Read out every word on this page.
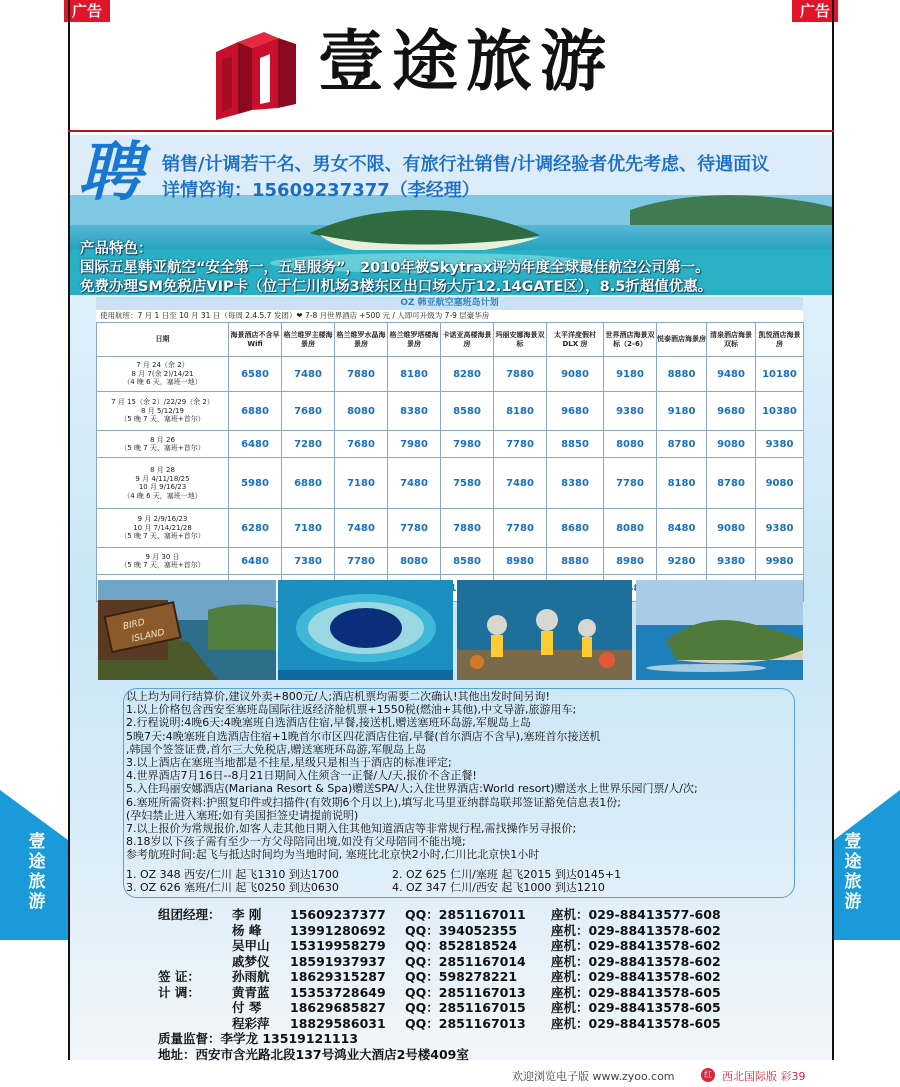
广告	广告
壹途旅游
聘 销售/计调若干名、男女不限、有旅行社销售/计调经验者优先考虑、待遇面议
详情咨询：15609237377（李经理）
产品特色：
国际五星韩亚航空“安全第一，五星服务”，2010年被Skytrax评为年度全球最佳航空公司第一。
免费办理SM免税店VIP卡（位于仁川机场3楼东区出口场大厅12.14GATE区），8.5折超值优惠。
OZ 韩亚航空塞班岛计划
使用航班：7 月 1 日至 10 月 31 日（每周 2.4.5.7 发团）❤ 7-8 月世界酒店 +500 元 / 人即可升级为 7-9 层豪华房
日期	海景酒店不含早Wifi	格兰维罗主楼海景房	格兰维罗水晶海景房	格兰维罗塔楼海景房	卡诺亚高楼海景房	玛丽安娜海景双标	太平洋度假村DLX 房	世界酒店海景双标（2-6）	悦泰酒店海景房	清泉酒店海景双标	凯悦酒店海景房

7 月 24（余 2）
8 月 7(余 2)/14/21
（4 晚 6 天，塞班一地）	6580	7480	7880	8180	8280	7880	9080	9180	8880	9480	10180

7 月 15（余 2）/22/29（余 2）
8 月 5/12/19
（5 晚 7 天，塞班+首尔）	6880	7680	8080	8380	8580	8180	9680	9380	9180	9680	10380

8 月 26
（5 晚 7 天，塞班+首尔）	6480	7280	7680	7980	7980	7780	8850	8080	8780	9080	9380

8 月 28
9 月 4/11/18/25
10 月 9/16/23
（4 晚 6 天，塞班一地）	5980	6880	7180	7480	7580	7480	8380	7780	8180	8780	9080

9 月 2/9/16/23
10 月 7/14/21/28
（5 晚 7 天，塞班+首尔）	6280	7180	7480	7780	7880	7780	8680	8080	8480	9080	9380

9 月 30 日
（5 晚 7 天，塞班+首尔）	6480	7380	7780	8080	8580	8980	8880	8980	9280	9380	9980

BIRD
ISLAND
以上均为同行结算价,建议外卖+800元/人;酒店机票均需要二次确认!其他出发时间另询!
1.以上价格包含西安至塞班岛国际往返经济舱机票+1550税(燃油+其他),中文导游,旅游用车;
2.行程说明:4晚6天:4晚塞班自选酒店住宿,早餐,接送机,赠送塞班环岛游,军舰岛上岛
5晚7天:4晚塞班自选酒店住宿+1晚首尔市区四花酒店住宿,早餐(首尔酒店不含早),塞班首尔接送机
,韩国个签签证费,首尔三大免税店,赠送塞班环岛游,军舰岛上岛
3.以上酒店在塞班当地都是不挂星,星级只是相当于酒店的标准评定;
4.世界酒店7月16日--8月21日期间入住须含一正餐/人/天,报价不含正餐!
5.入住玛丽安娜酒店(Mariana Resort & Spa)赠送SPA/人;入住世界酒店:World resort)赠送水上世界乐园门票/人/次;
6.塞班所需资料:护照复印件或扫描件(有效期6个月以上),填写北马里亚纳群岛联邦签证豁免信息表1份;
(孕妇禁止进入塞班;如有美国拒签史请提前说明)
7.以上报价为常规报价,如客人走其他日期入住其他知道酒店等非常规行程,需找操作另寻报价;
8.18岁以下孩子需有至少一方父母陪同出境,如没有父母陪同不能出境;
参考航班时间:起飞与抵达时间均为当地时间, 塞班比北京快2小时,仁川比北京快1小时
1. OZ 348 西安/仁川 起飞1310 到达1700	2. OZ 625 仁川/塞班 起飞2015 到达0145+1
3. OZ 626 塞班/仁川 起飞0250 到达0630	4. OZ 347 仁川/西安 起飞1000 到达1210
壹
途
旅
游
壹
途
旅
游
组团经理： 李 刚 15609237377 QQ：2851167011 座机：029-88413577-608
杨 峰 13991280692 QQ：394052355	座机：029-88413578-602
吴甲山 15319958279 QQ：852818524	座机：029-88413578-602
戚梦仪 18591937937 QQ：2851167014 座机：029-88413578-602
签 证：	孙雨航 18629315287 QQ：598278221	座机：029-88413578-602
计 调：	黄青蓝 15353728649 QQ：2851167013 座机：029-88413578-605
付 琴 18629685827 QQ：2851167015 座机：029-88413578-605
程彩萍 18829586031 QQ：2851167013 座机：029-88413578-605
质量监督：李学龙 13519121113
地址：西安市含光路北段137号鸿业大酒店2号楼409室
欢迎浏览电子版 www.zyoo.com	红 西北国际版 彩39
